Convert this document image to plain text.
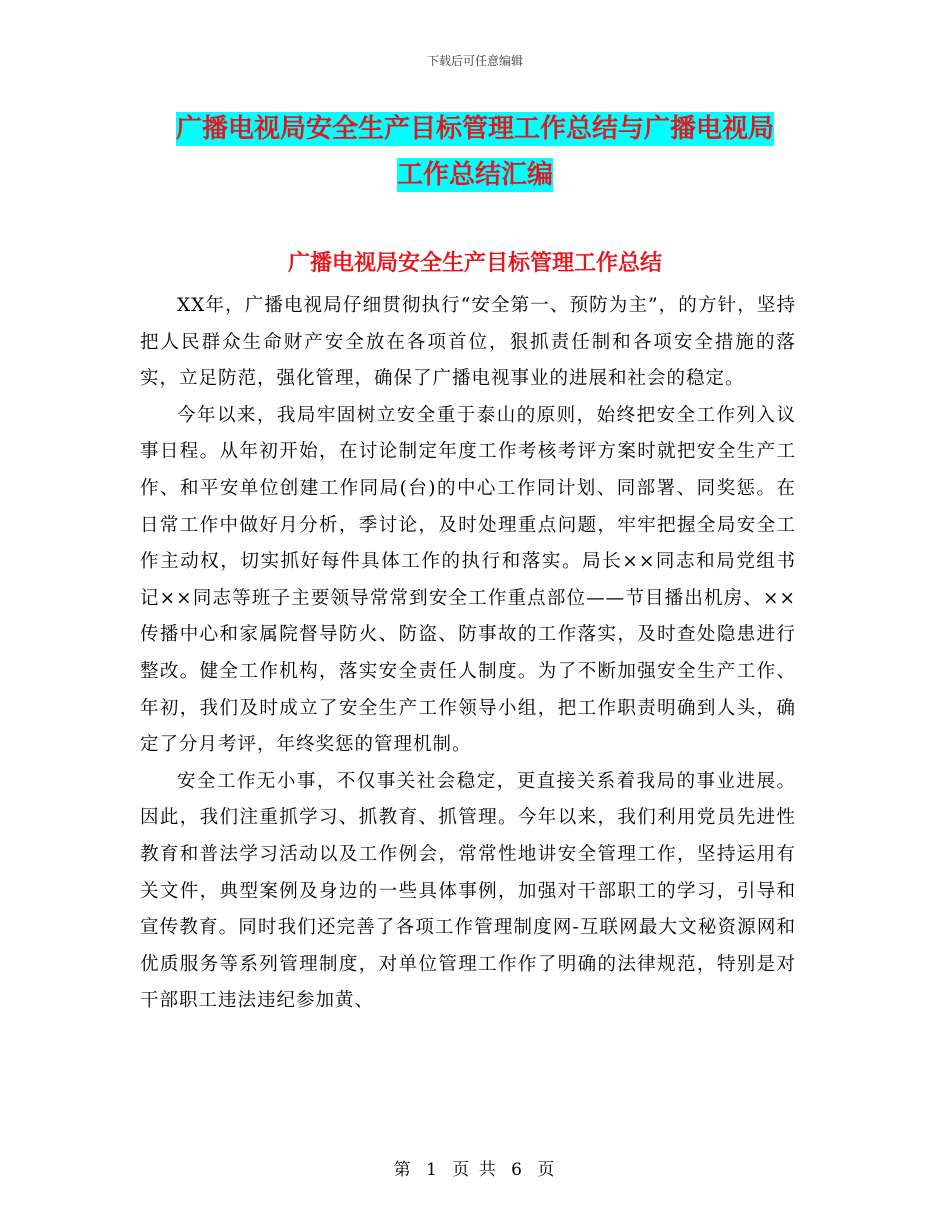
下载后可任意编辑
广播电视局安全生产目标管理工作总结与广播电视局
工作总结汇编
广播电视局安全生产目标管理工作总结

XX年，广播电视局仔细贯彻执行“安全第一、预防为主”，的方针，坚持把人民群众生命财产安全放在各项首位，狠抓责任制和各项安全措施的落实，立足防范，强化管理，确保了广播电视事业的进展和社会的稳定。

今年以来，我局牢固树立安全重于泰山的原则，始终把安全工作列入议事日程。从年初开始，在讨论制定年度工作考核考评方案时就把安全生产工作、和平安单位创建工作同局(台)的中心工作同计划、同部署、同奖惩。在日常工作中做好月分析，季讨论，及时处理重点问题，牢牢把握全局安全工作主动权，切实抓好每件具体工作的执行和落实。局长××同志和局党组书记××同志等班子主要领导常常到安全工作重点部位——节目播出机房、××传播中心和家属院督导防火、防盗、防事故的工作落实，及时查处隐患进行整改。健全工作机构，落实安全责任人制度。为了不断加强安全生产工作、年初，我们及时成立了安全生产工作领导小组，把工作职责明确到人头，确定了分月考评，年终奖惩的管理机制。

安全工作无小事，不仅事关社会稳定，更直接关系着我局的事业进展。因此，我们注重抓学习、抓教育、抓管理。今年以来，我们利用党员先进性教育和普法学习活动以及工作例会，常常性地讲安全管理工作，坚持运用有关文件，典型案例及身边的一些具体事例，加强对干部职工的学习，引导和宣传教育。同时我们还完善了各项工作管理制度网-互联网最大文秘资源网和优质服务等系列管理制度，对单位管理工作作了明确的法律规范，特别是对干部职工违法违纪参加黄、

第 1 页 共 6 页
